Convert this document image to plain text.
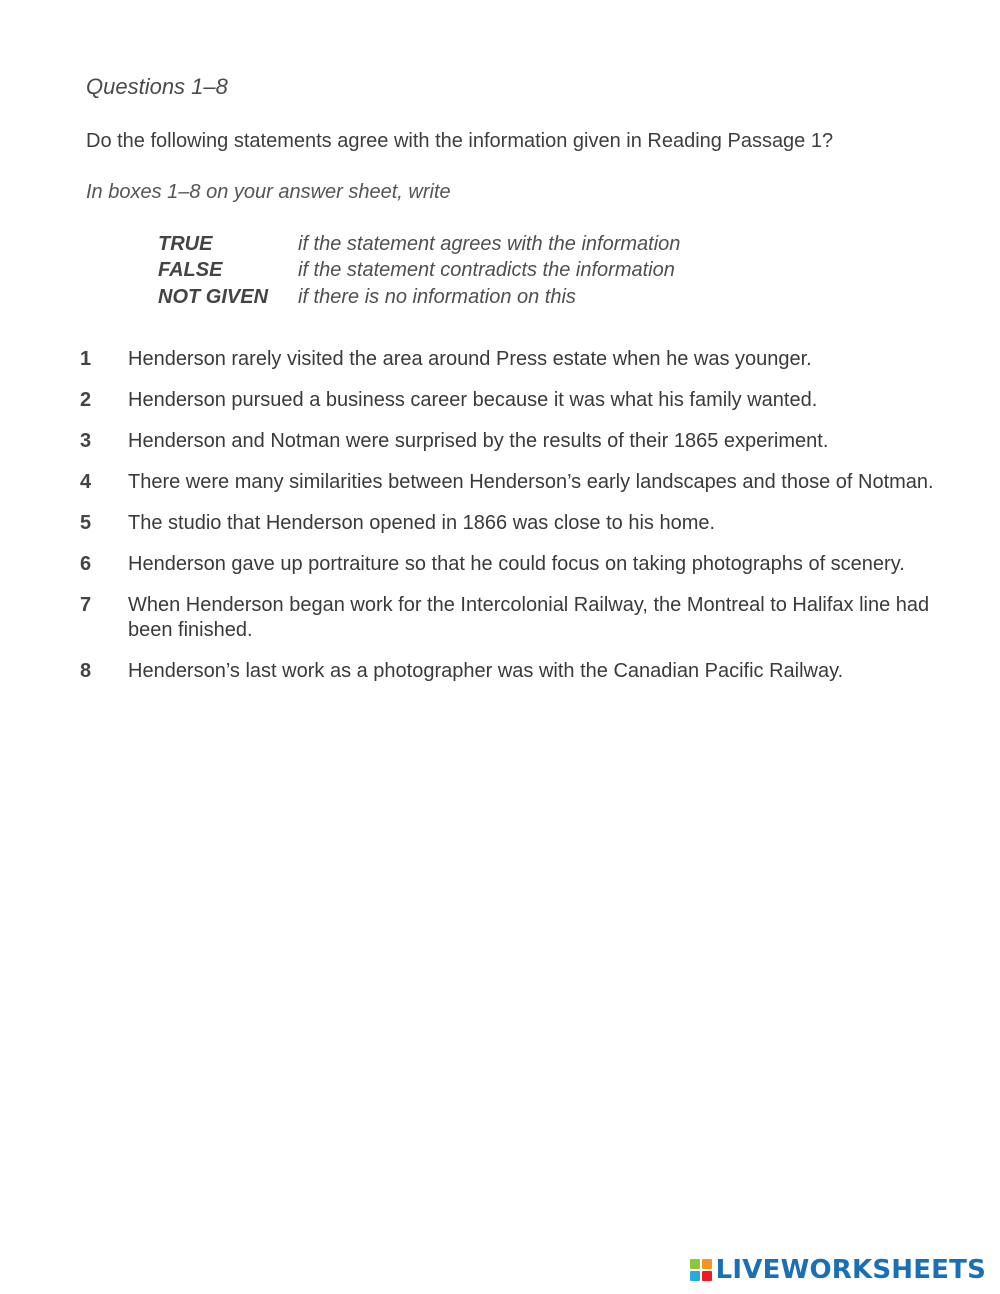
Questions 1–8
Do the following statements agree with the information given in Reading Passage 1?
In boxes 1–8 on your answer sheet, write
TRUE	if the statement agrees with the information
FALSE	if the statement contradicts the information
NOT GIVEN	if there is no information on this
1	Henderson rarely visited the area around Press estate when he was younger.
2	Henderson pursued a business career because it was what his family wanted.
3	Henderson and Notman were surprised by the results of their 1865 experiment.
4	There were many similarities between Henderson’s early landscapes and those of Notman.
5	The studio that Henderson opened in 1866 was close to his home.
6	Henderson gave up portraiture so that he could focus on taking photographs of scenery.
7	When Henderson began work for the Intercolonial Railway, the Montreal to Halifax line had been finished.
8	Henderson’s last work as a photographer was with the Canadian Pacific Railway.
LIVEWORKSHEETS
